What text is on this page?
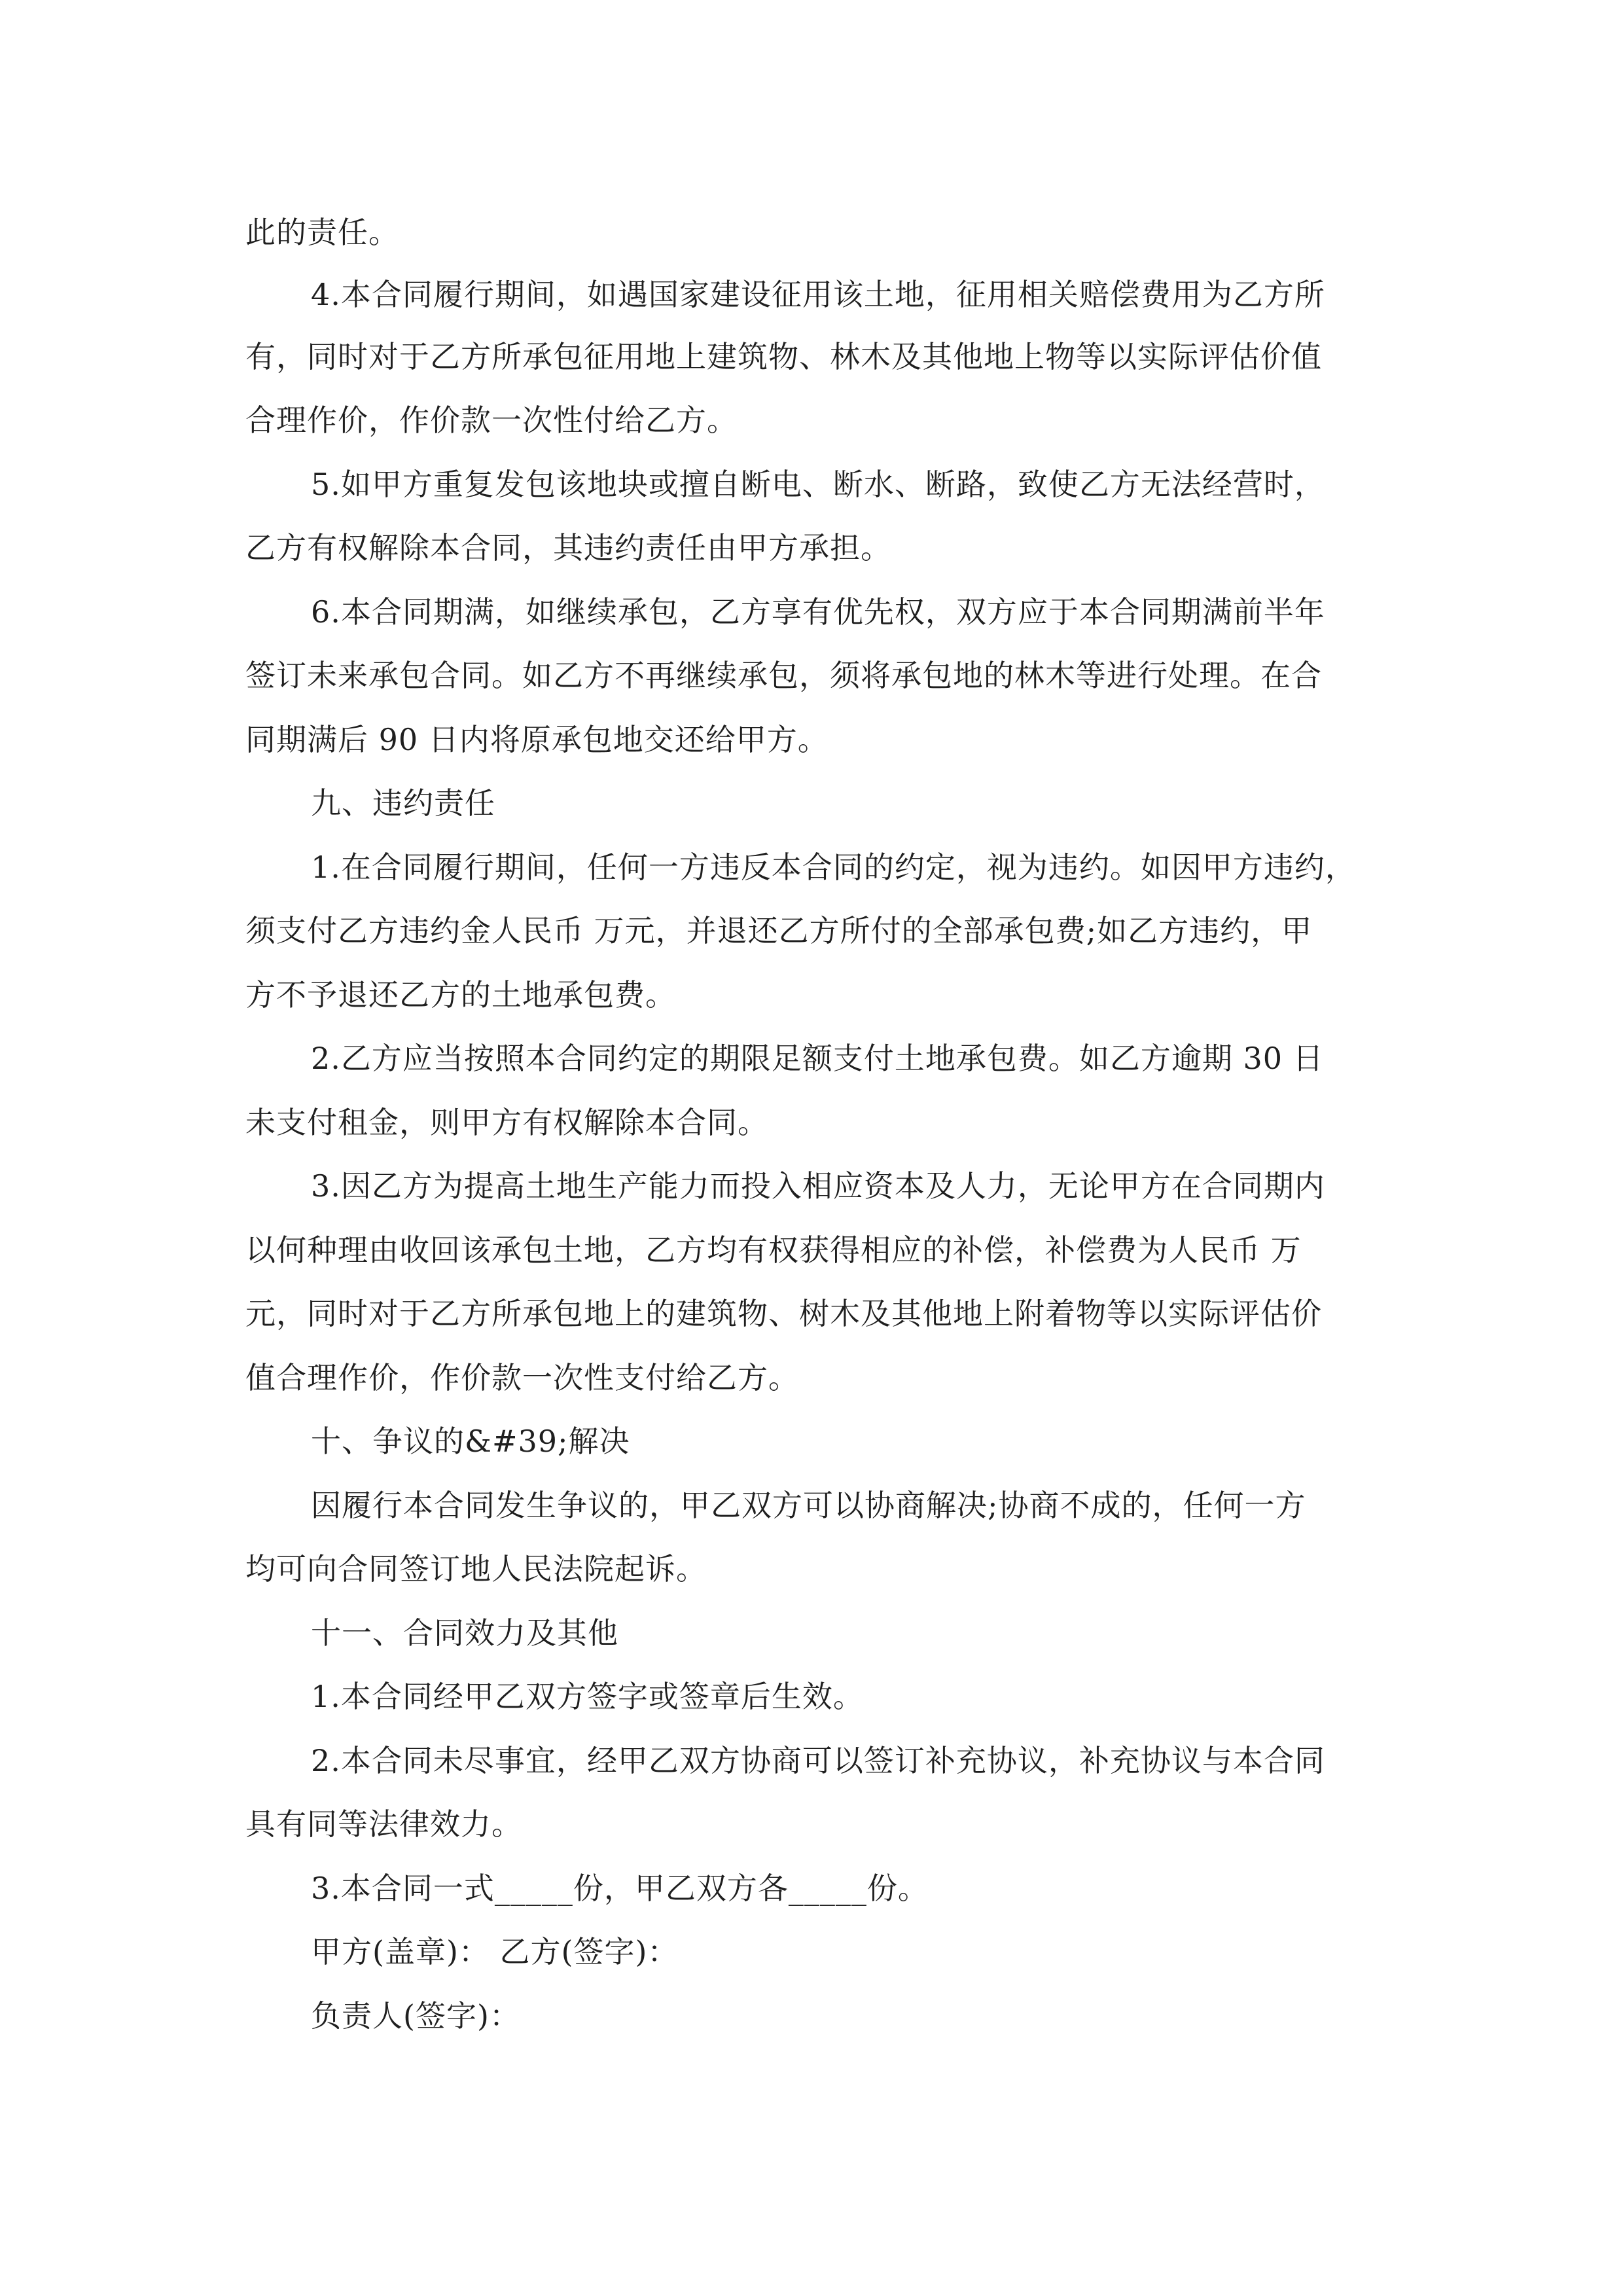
此的责任。
4.本合同履行期间，如遇国家建设征用该土地，征用相关赔偿费用为乙方所
有，同时对于乙方所承包征用地上建筑物、林木及其他地上物等以实际评估价值
合理作价，作价款一次性付给乙方。
5.如甲方重复发包该地块或擅自断电、断水、断路，致使乙方无法经营时，
乙方有权解除本合同，其违约责任由甲方承担。
6.本合同期满，如继续承包，乙方享有优先权，双方应于本合同期满前半年
签订未来承包合同。如乙方不再继续承包，须将承包地的林木等进行处理。在合
同期满后 90 日内将原承包地交还给甲方。
九、违约责任
1.在合同履行期间，任何一方违反本合同的约定，视为违约。如因甲方违约，
须支付乙方违约金人民币 万元，并退还乙方所付的全部承包费;如乙方违约，甲
方不予退还乙方的土地承包费。
2.乙方应当按照本合同约定的期限足额支付土地承包费。如乙方逾期 30 日
未支付租金，则甲方有权解除本合同。
3.因乙方为提高土地生产能力而投入相应资本及人力，无论甲方在合同期内
以何种理由收回该承包土地，乙方均有权获得相应的补偿，补偿费为人民币 万
元，同时对于乙方所承包地上的建筑物、树木及其他地上附着物等以实际评估价
值合理作价，作价款一次性支付给乙方。
十、争议的&#39;解决
因履行本合同发生争议的，甲乙双方可以协商解决;协商不成的，任何一方
均可向合同签订地人民法院起诉。
十一、合同效力及其他
1.本合同经甲乙双方签字或签章后生效。
2.本合同未尽事宜，经甲乙双方协商可以签订补充协议，补充协议与本合同
具有同等法律效力。
3.本合同一式_____份，甲乙双方各_____份。
甲方(盖章)： 乙方(签字)：
负责人(签字)：
